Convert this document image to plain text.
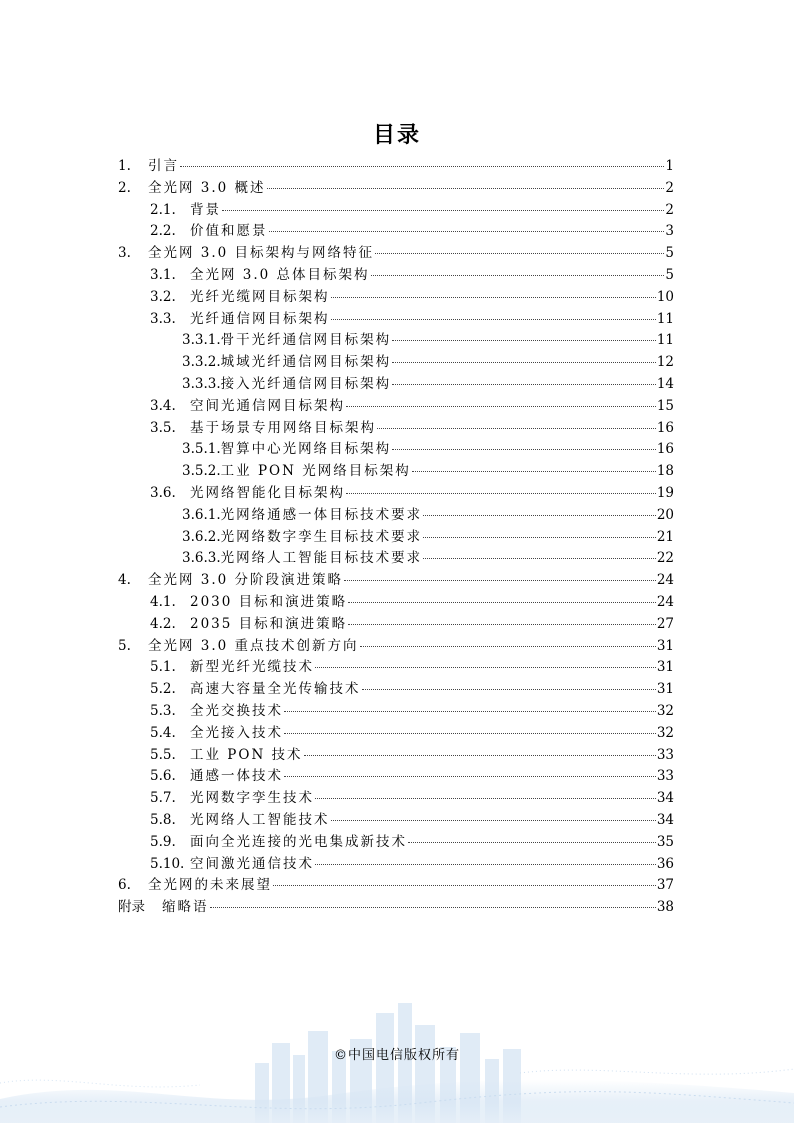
目录
1.	引言	1
2.	全光网 3.0 概述	2
2.1.	背景	2
2.2.	价值和愿景	3
3.	全光网 3.0 目标架构与网络特征	5
3.1.	全光网 3.0 总体目标架构	5
3.2.	光纤光缆网目标架构	10
3.3.	光纤通信网目标架构	11
3.3.1. 骨干光纤通信网目标架构	11
3.3.2. 城域光纤通信网目标架构	12
3.3.3. 接入光纤通信网目标架构	14
3.4.	空间光通信网目标架构	15
3.5.	基于场景专用网络目标架构	16
3.5.1. 智算中心光网络目标架构	16
3.5.2. 工业 PON 光网络目标架构	18
3.6.	光网络智能化目标架构	19
3.6.1. 光网络通感一体目标技术要求	20
3.6.2. 光网络数字孪生目标技术要求	21
3.6.3. 光网络人工智能目标技术要求	22
4.	全光网 3.0 分阶段演进策略	24
4.1.	2030 目标和演进策略	24
4.2.	2035 目标和演进策略	27
5.	全光网 3.0 重点技术创新方向	31
5.1.	新型光纤光缆技术	31
5.2.	高速大容量全光传输技术	31
5.3.	全光交换技术	32
5.4.	全光接入技术	32
5.5.	工业 PON 技术	33
5.6.	通感一体技术	33
5.7.	光网数字孪生技术	34
5.8.	光网络人工智能技术	34
5.9.	面向全光连接的光电集成新技术	35
5.10. 空间激光通信技术	36
6.	全光网的未来展望	37
附录	缩略语	38
©中国电信版权所有
